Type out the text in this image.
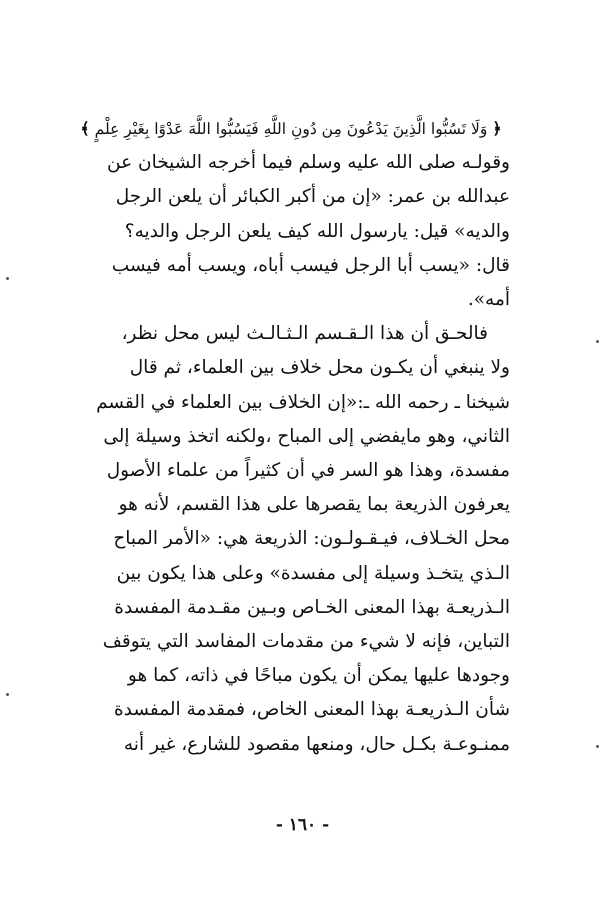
﴿ وَلَا تَسُبُّوا الَّذِينَ يَدْعُونَ مِن دُونِ اللَّهِ فَيَسُبُّوا اللَّهَ عَدْوًا بِغَيْرِ عِلْمٍ ﴾
وقولـه صلى الله عليه وسلم فيما أخرجه الشيخان عن
عبدالله بن عمر: «إن من أكبر الكبائر أن يلعن الرجل
والديه» قيل: يارسول الله كيف يلعن الرجل والديه؟
قال: «يسب أبا الرجل فيسب أباه، ويسب أمه فيسب
أمه».
فالحـق أن هذا الـقـسم الـثـالـث ليس محل نظر،
ولا ينبغي أن يكـون محل خلاف بين العلماء، ثم قال
شيخنا ـ رحمه الله ـ:«إن الخلاف بين العلماء في القسم
الثاني، وهو مايفضي إلى المباح ،ولكنه اتخذ وسيلة إلى
مفسدة، وهذا هو السر في أن كثيراً من علماء الأصول
يعرفون الذريعة بما يقصرها على هذا القسم، لأنه هو
محل الخـلاف، فيـقـولـون: الذريعة هي: «الأمر المباح
الـذي يتخـذ وسيلة إلى مفسدة» وعلى هذا يكون بين
الـذريعـة بهذا المعنى الخـاص وبـين مقـدمة المفسدة
التباين، فإنه لا شيء من مقدمات المفاسد التي يتوقف
وجودها عليها يمكن أن يكون مباحًا في ذاته، كما هو
شأن الـذريعـة بهذا المعنى الخاص، فمقدمة المفسدة
ممنـوعـة بكـل حال، ومنعها مقصود للشارع، غير أنه
- ١٦٠ -
